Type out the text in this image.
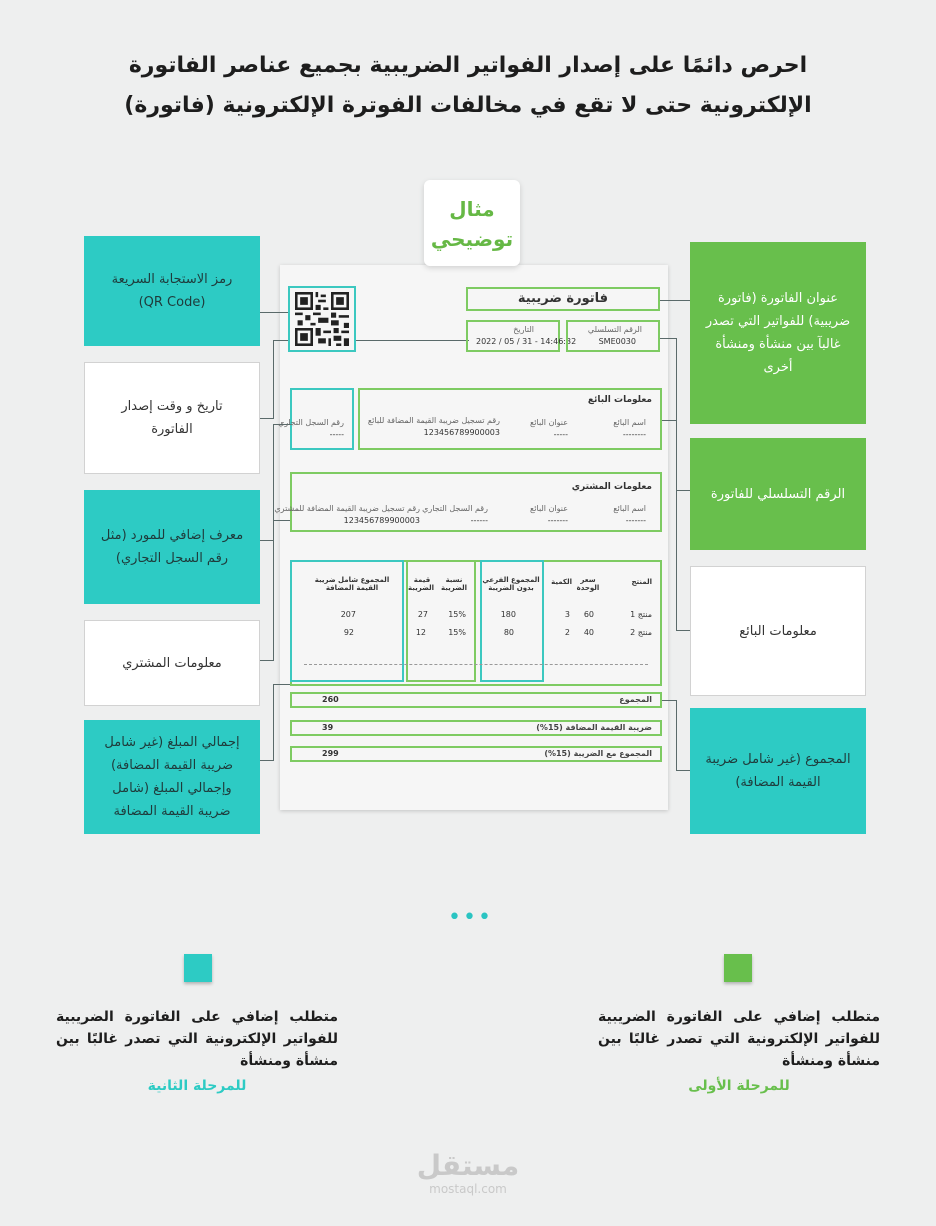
احرص دائمًا على إصدار الفواتير الضريبية بجميع عناصر الفاتورة
الإلكترونية حتى لا تقع في مخالفات الفوترة الإلكترونية (فاتورة)
مثال
توضيحي
فاتورة ضريبية
التاريخ
2022 / 05 / 31 - 14:46:32
الرقم التسلسلي
SME0030
معلومات البائع
اسم البائع
--------
عنوان البائع
-----
رقم تسجيل ضريبة القيمة المضافة للبائع
123456789900003
رقم السجل التجاري
-----
معلومات المشتري
اسم البائع
-------
عنوان البائع
-------
رقم السجل التجاري
------
رقم تسجيل ضريبة القيمة المضافة للمشتري
123456789900003
المنتج
سعر الوحدة
الكمية
المجموع الفرعي بدون الضريبة
نسبة الضريبة
قيمة الضريبة
المجموع شامل ضريبة القيمة المضافة
منتج 1
60
3
180
15%
27
207
منتج 2
40
2
80
15%
12
92
المجموع
260
ضريبة القيمة المضافة (15%)
39
المجموع مع الضريبة (15%)
299
رمز الاستجابة السريعة (QR Code)
تاريخ و وقت إصدار الفاتورة
معرف إضافي للمورد (مثل رقم السجل التجاري)
معلومات المشتري
إجمالي المبلغ (غير شامل ضريبة القيمة المضافة) وإجمالي المبلغ (شامل ضريبة القيمة المضافة
عنوان الفاتورة (فاتورة ضريبية) للفواتير التي تصدر غالبآ بين منشأة ومنشأة أخرى
الرقم التسلسلي للفاتورة
معلومات البائع
المجموع (غير شامل ضريبة القيمة المضافة)
•••
متطلب إضافي على الفاتورة الضريبية للفواتير الإلكترونية التي تصدر غالبًا بين منشأة ومنشأة
للمرحلة الثانية
متطلب إضافي على الفاتورة الضريبية للفواتير الإلكترونية التي تصدر غالبًا بين منشأة ومنشأة
للمرحلة الأولى
مستقل
mostaql.com
